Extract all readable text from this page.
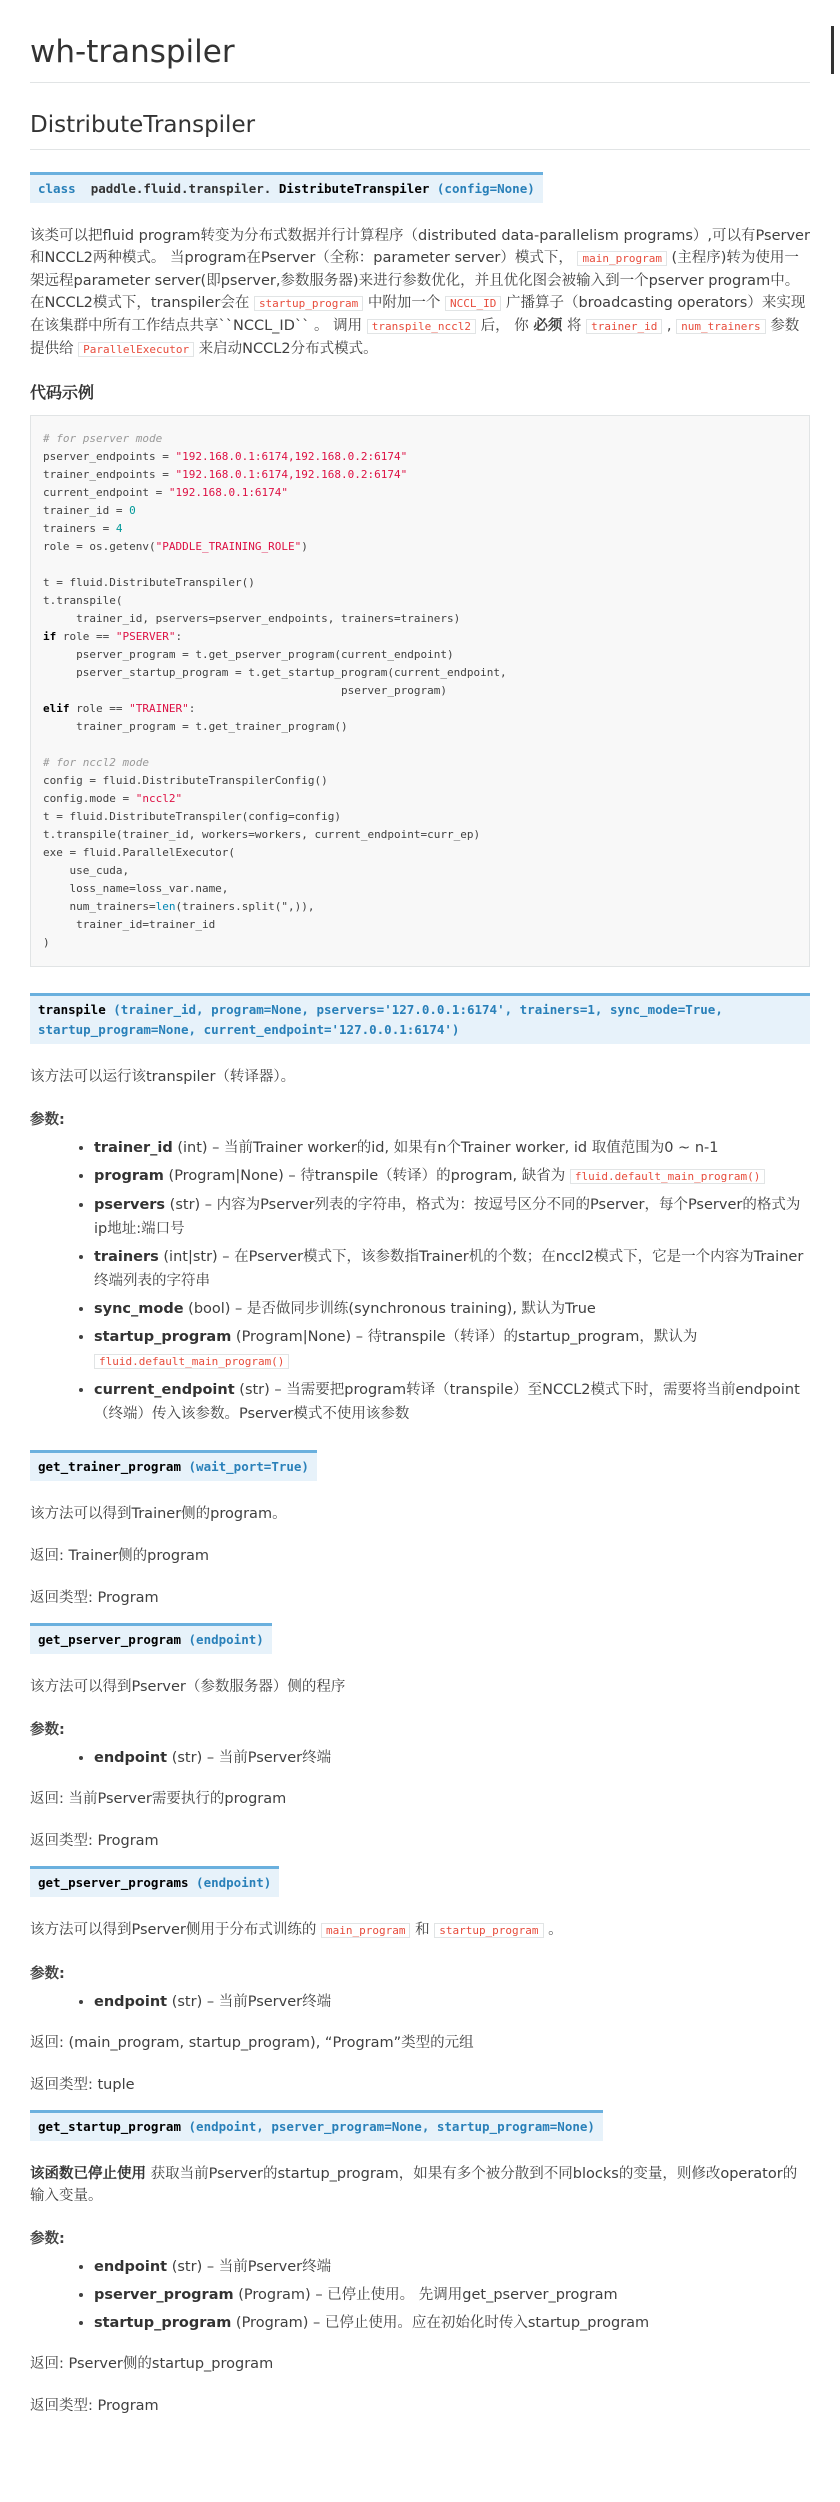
wh-transpiler
DistributeTranspiler
class paddle.fluid.transpiler. DistributeTranspiler (config=None)

该类可以把fluid program转变为分布式数据并行计算程序（distributed data-parallelism programs）,可以有Pserver和NCCL2两种模式。 当program在Pserver（全称：parameter server）模式下， main_program (主程序)转为使用一架远程parameter server(即pserver,参数服务器)来进行参数优化，并且优化图会被输入到一个pserver program中。 在NCCL2模式下，transpiler会在 startup_program 中附加一个 NCCL_ID 广播算子（broadcasting operators）来实现在该集群中所有工作结点共享``NCCL_ID`` 。 调用 transpile_nccl2 后， 你 必须 将 trainer_id , num_trainers 参数提供给 ParallelExecutor 来启动NCCL2分布式模式。

代码示例
# for pserver mode
pserver_endpoints = "192.168.0.1:6174,192.168.0.2:6174"
trainer_endpoints = "192.168.0.1:6174,192.168.0.2:6174"
current_endpoint = "192.168.0.1:6174"
trainer_id = 0
trainers = 4
role = os.getenv("PADDLE_TRAINING_ROLE")

t = fluid.DistributeTranspiler()
t.transpile(
trainer_id, pservers=pserver_endpoints, trainers=trainers)
if role == "PSERVER":
pserver_program = t.get_pserver_program(current_endpoint)
pserver_startup_program = t.get_startup_program(current_endpoint,
pserver_program)
elif role == "TRAINER":
trainer_program = t.get_trainer_program()

# for nccl2 mode
config = fluid.DistributeTranspilerConfig()
config.mode = "nccl2"
t = fluid.DistributeTranspiler(config=config)
t.transpile(trainer_id, workers=workers, current_endpoint=curr_ep)
exe = fluid.ParallelExecutor(
use_cuda,
loss_name=loss_var.name,
num_trainers=len(trainers.split(",)),
trainer_id=trainer_id
)
transpile (trainer_id, program=None, pservers='127.0.0.1:6174', trainers=1, sync_mode=True, startup_program=None, current_endpoint='127.0.0.1:6174')

该方法可以运行该transpiler（转译器）。

参数:
• trainer_id (int) – 当前Trainer worker的id, 如果有n个Trainer worker, id 取值范围为0 ~ n-1
• program (Program|None) – 待transpile（转译）的program, 缺省为 fluid.default_main_program()
• pservers (str) – 内容为Pserver列表的字符串，格式为：按逗号区分不同的Pserver，每个Pserver的格式为 ip地址:端口号
• trainers (int|str) – 在Pserver模式下，该参数指Trainer机的个数；在nccl2模式下，它是一个内容为Trainer终端列表的字符串
• sync_mode (bool) – 是否做同步训练(synchronous training), 默认为True
• startup_program (Program|None) – 待transpile（转译）的startup_program，默认为 fluid.default_main_program()
• current_endpoint (str) – 当需要把program转译（transpile）至NCCL2模式下时，需要将当前endpoint（终端）传入该参数。Pserver模式不使用该参数
get_trainer_program (wait_port=True)

该方法可以得到Trainer侧的program。

返回: Trainer侧的program

返回类型: Program

get_pserver_program (endpoint)

该方法可以得到Pserver（参数服务器）侧的程序

参数:
• endpoint (str) – 当前Pserver终端

返回: 当前Pserver需要执行的program

返回类型: Program

get_pserver_programs (endpoint)

该方法可以得到Pserver侧用于分布式训练的 main_program 和 startup_program 。

参数:
• endpoint (str) – 当前Pserver终端

返回: (main_program, startup_program), “Program”类型的元组

返回类型: tuple

get_startup_program (endpoint, pserver_program=None, startup_program=None)

该函数已停止使用 获取当前Pserver的startup_program，如果有多个被分散到不同blocks的变量，则修改operator的输入变量。

参数:
• endpoint (str) – 当前Pserver终端
• pserver_program (Program) – 已停止使用。 先调用get_pserver_program
• startup_program (Program) – 已停止使用。应在初始化时传入startup_program

返回: Pserver侧的startup_program

返回类型: Program
